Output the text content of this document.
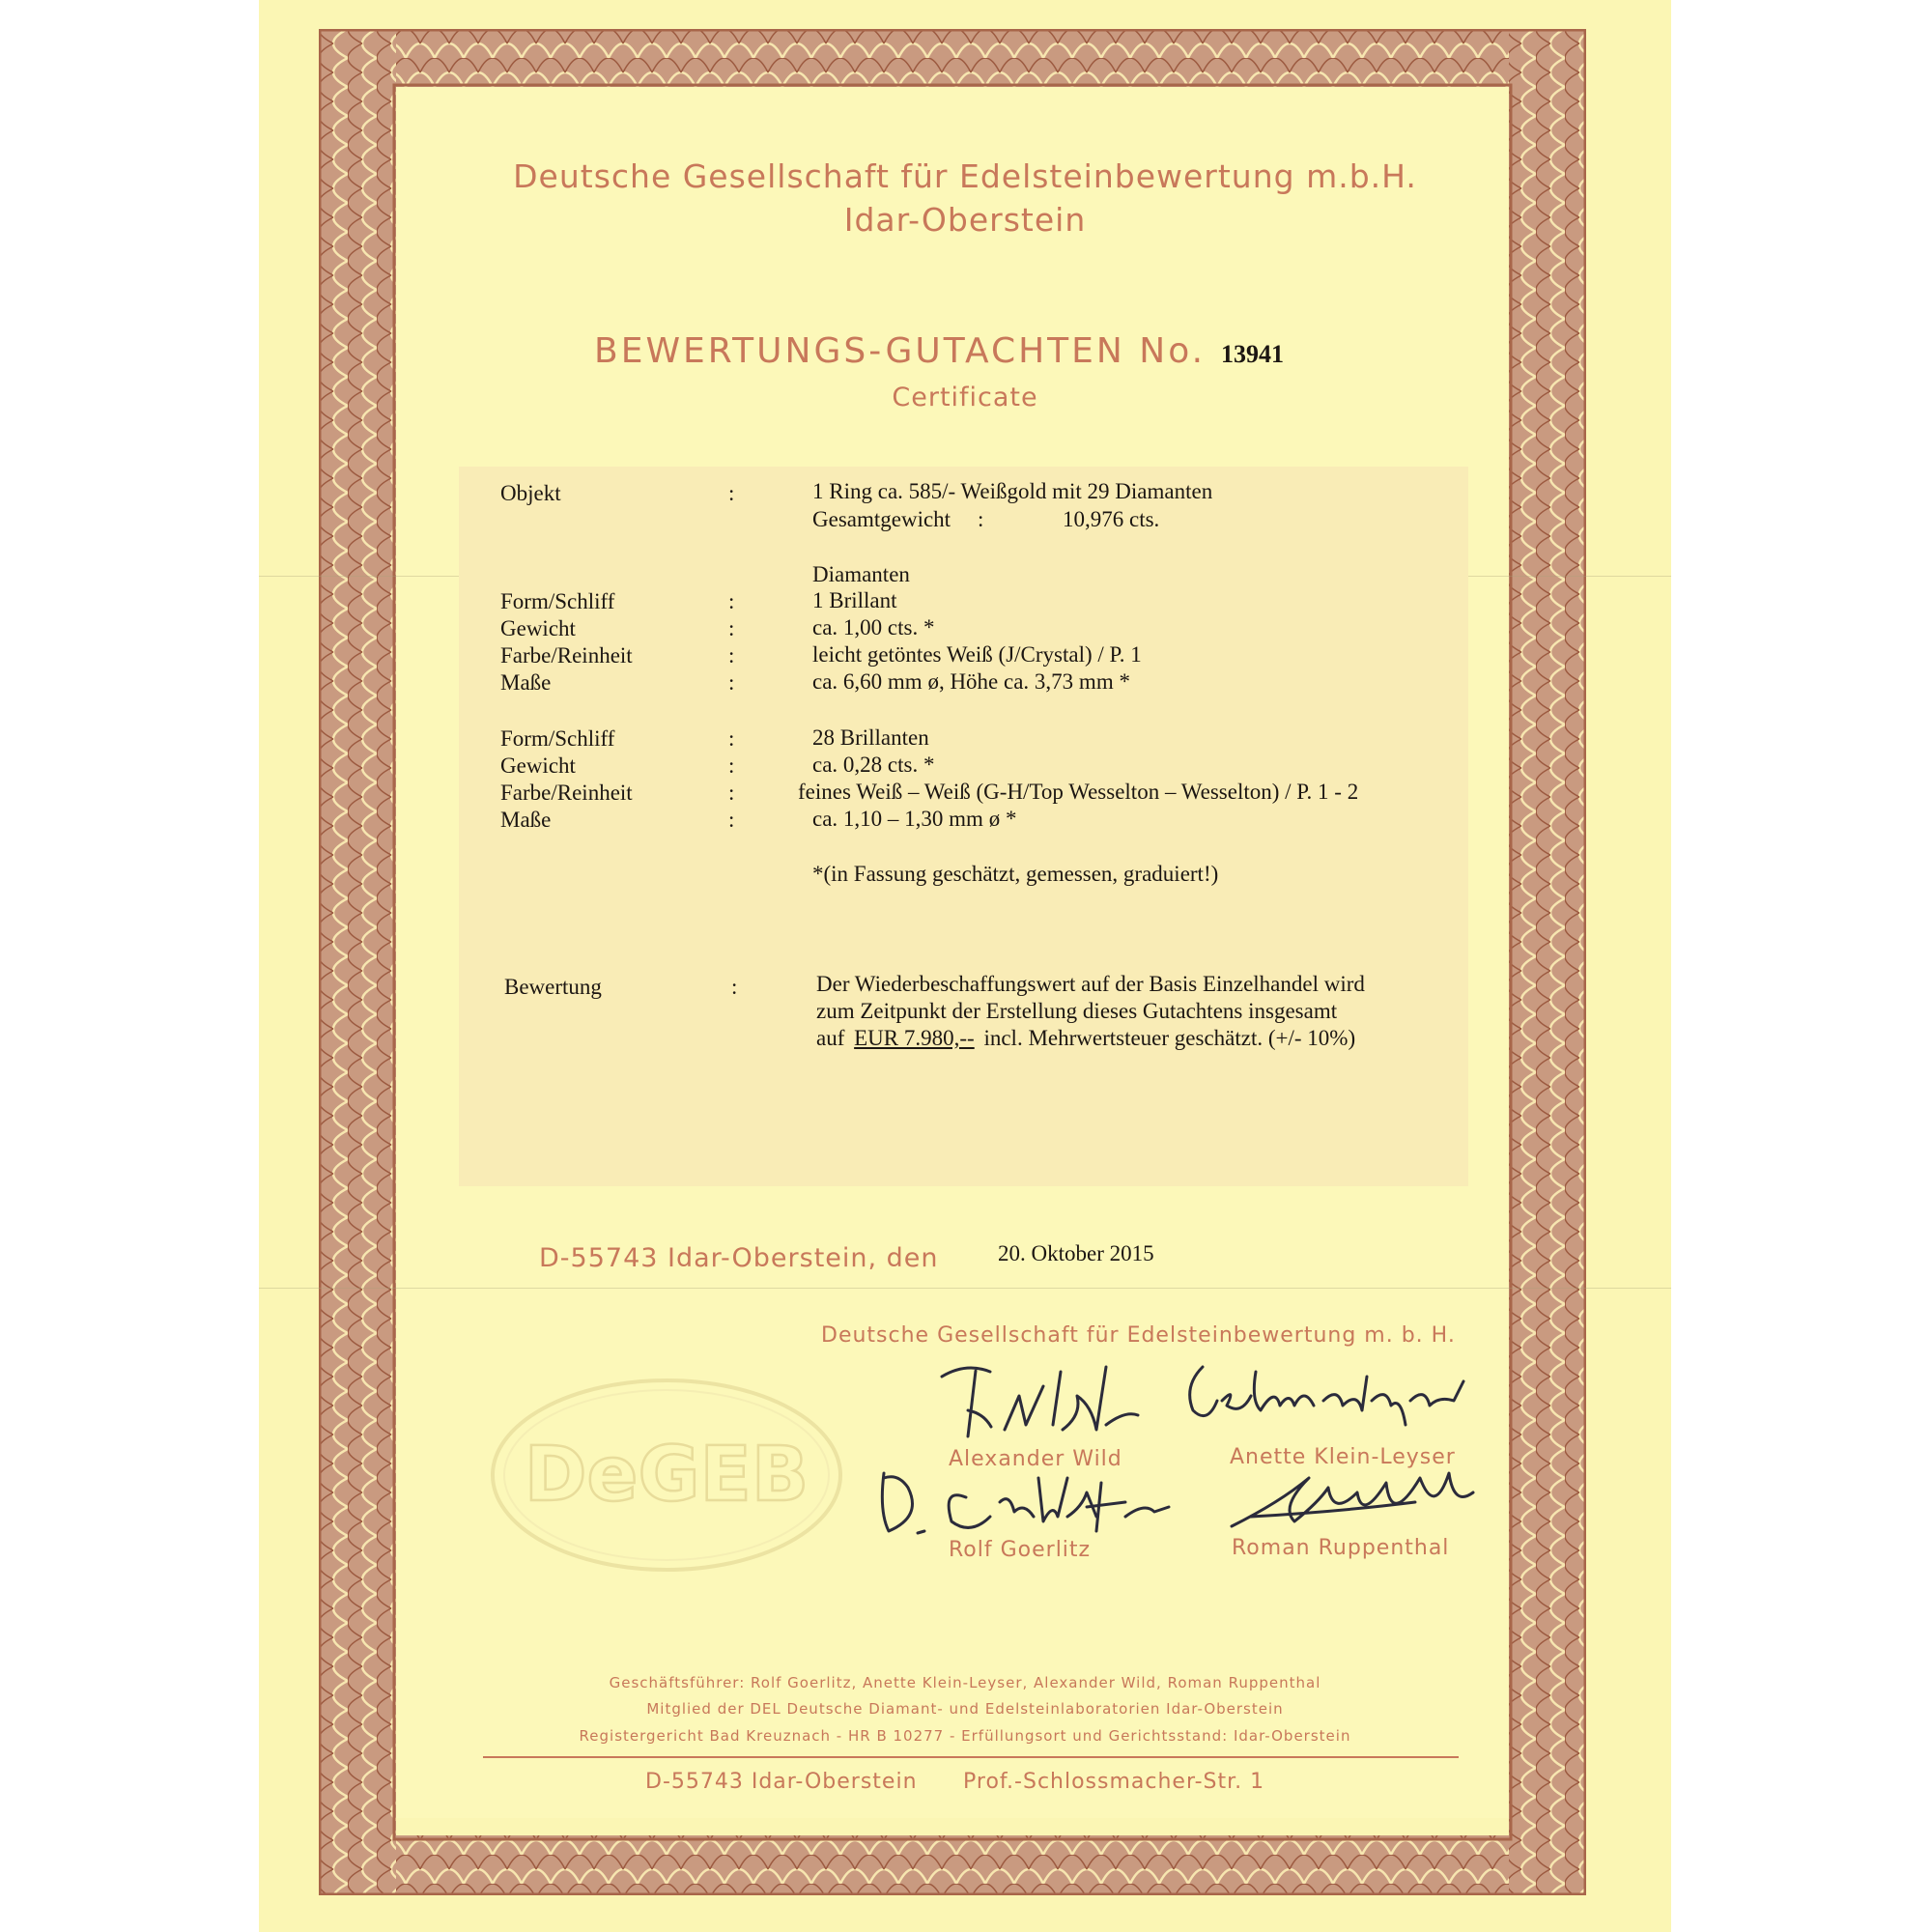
Deutsche Gesellschaft für Edelsteinbewertung m.b.H.
Idar-Oberstein
BEWERTUNGS-GUTACHTEN No. 13941
Certificate
Objekt	:	1 Ring ca. 585/- Weißgold mit 29 Diamanten
Gesamtgewicht :	10,976 cts.
Diamanten
Form/Schliff	:	1 Brillant
Gewicht	:	ca. 1,00 cts. *
Farbe/Reinheit	:	leicht getöntes Weiß (J/Crystal) / P. 1
Maße	:	ca. 6,60 mm ø, Höhe ca. 3,73 mm *
Form/Schliff	:	28 Brillanten
Gewicht	:	ca. 0,28 cts. *
Farbe/Reinheit	:	feines Weiß – Weiß (G-H/Top Wesselton – Wesselton) / P. 1 - 2
Maße	:	ca. 1,10 – 1,30 mm ø *
*(in Fassung geschätzt, gemessen, graduiert!)
Bewertung	:	Der Wiederbeschaffungswert auf der Basis Einzelhandel wird
zum Zeitpunkt der Erstellung dieses Gutachtens insgesamt
auf EUR 7.980,-- incl. Mehrwertsteuer geschätzt. (+/- 10%)
D-55743 Idar-Oberstein, den	20. Oktober 2015
Deutsche Gesellschaft für Edelsteinbewertung m. b. H.
DeGEB	Alexander Wild	Anette Klein-Leyser
Rolf Goerlitz	Roman Ruppenthal
Geschäftsführer: Rolf Goerlitz, Anette Klein-Leyser, Alexander Wild, Roman Ruppenthal
Mitglied der DEL Deutsche Diamant- und Edelsteinlaboratorien Idar-Oberstein
Registergericht Bad Kreuznach - HR B 10277 - Erfüllungsort und Gerichtsstand: Idar-Oberstein
D-55743 Idar-Oberstein Prof.-Schlossmacher-Str. 1
